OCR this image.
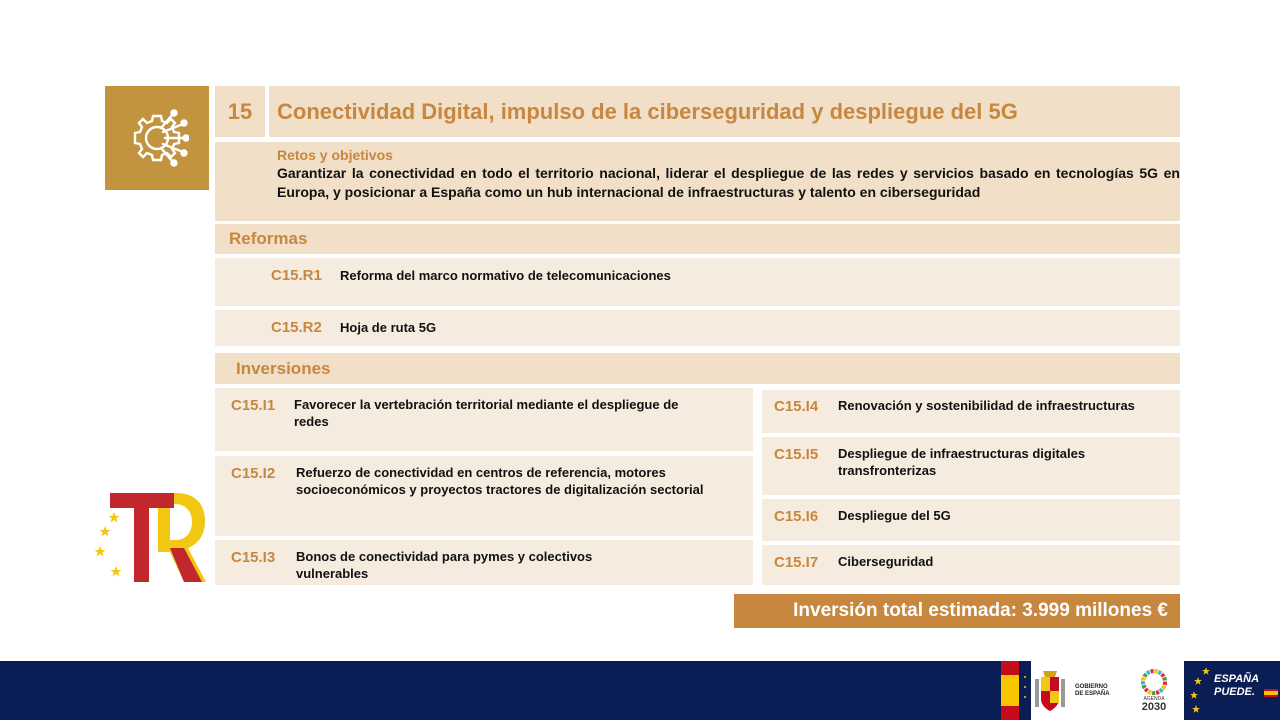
15	Conectividad Digital, impulso de la ciberseguridad y despliegue del 5G
Retos y objetivos
Garantizar la conectividad en todo el territorio nacional, liderar el despliegue de las redes y servicios basado en tecnologías 5G en Europa, y posicionar a España como un hub internacional de infraestructuras y talento en ciberseguridad
Reformas
C15.R1	Reforma del marco normativo de telecomunicaciones
C15.R2	Hoja de ruta 5G
Inversiones
C15.I1	Favorecer la vertebración territorial mediante el despliegue de redes
C15.I2	Refuerzo de conectividad en centros de referencia, motores socioeconómicos y proyectos tractores de digitalización sectorial
C15.I3	Bonos de conectividad para pymes y colectivos vulnerables
C15.I4	Renovación y sostenibilidad de infraestructuras
C15.I5	Despliegue de infraestructuras digitales transfronterizas
C15.I6	Despliegue del 5G
C15.I7	Ciberseguridad
Inversión total estimada: 3.999 millones €
GOBIERNO
DE ESPAÑA
AGENDA
2030
ESPAÑA
PUEDE.
